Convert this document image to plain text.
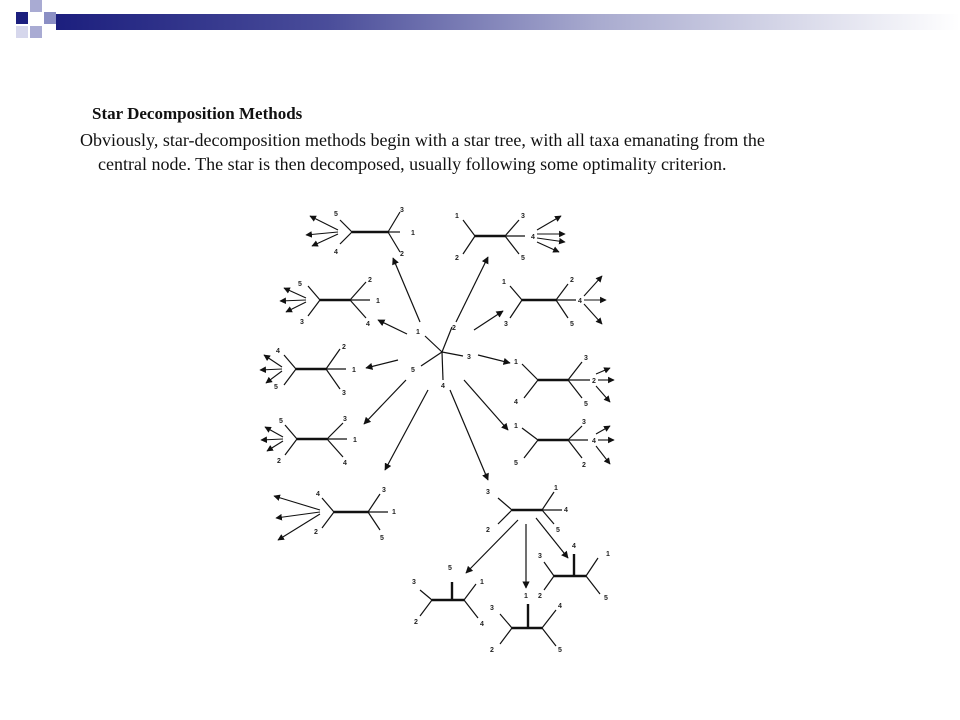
Star Decomposition Methods

Obviously, star-decomposition methods begin with a star tree, with all taxa emanating from the
central node. The star is then decomposed, usually following some optimality criterion.

1
2
3
4
5
5
3
1
4	2
1	3
4
2	5
5
2
1
3	4
1	2
4
3	5
4
2
1
5
3
1
3
2
4	5
5	3
1
2	4
1
3
4
5	2
4
3
1
2
5
3
1
4
2	5
5
3	1
2	4
1
3	4
2	5
4
3	1
2	5
